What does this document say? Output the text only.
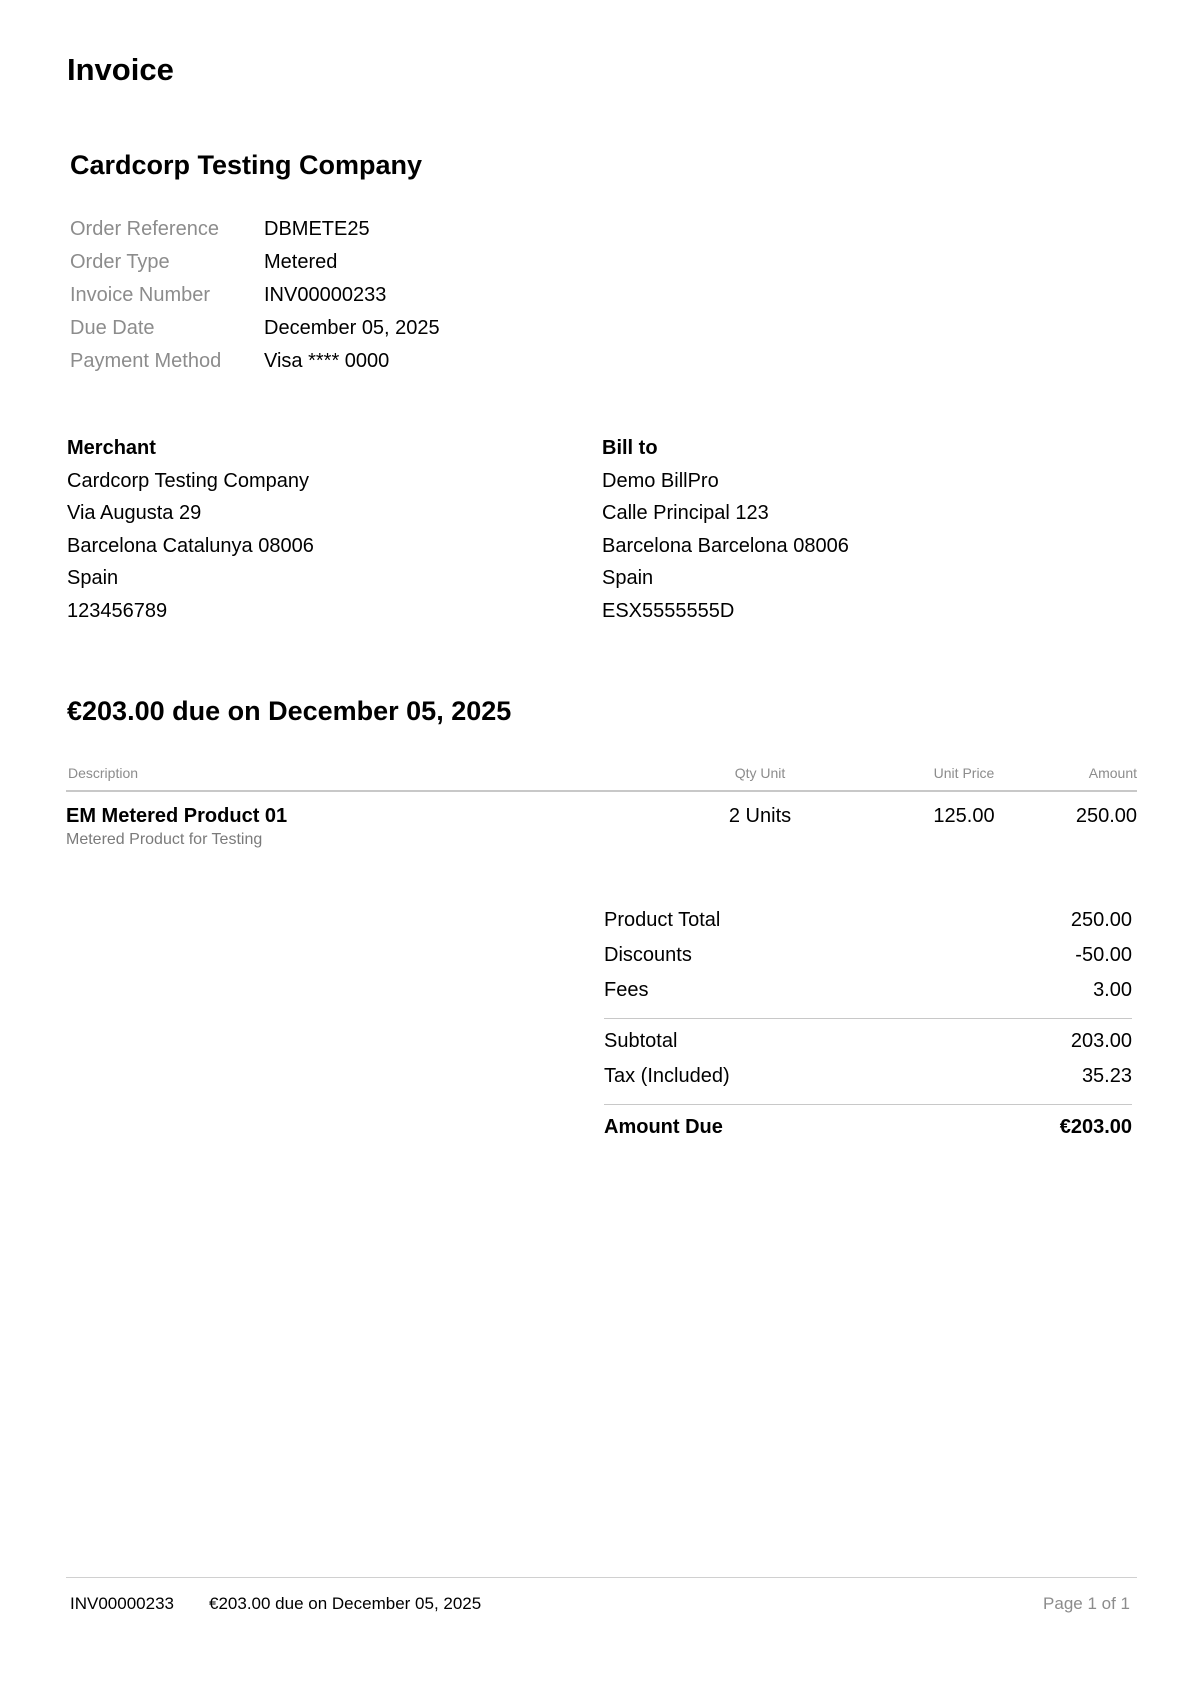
Invoice
Cardcorp Testing Company
Order Reference	DBMETE25
Order Type	Metered
Invoice Number	INV00000233
Due Date	December 05, 2025
Payment Method	Visa **** 0000
Merchant
Cardcorp Testing Company
Via Augusta 29
Barcelona Catalunya 08006
Spain
123456789
Bill to
Demo BillPro
Calle Principal 123
Barcelona Barcelona 08006
Spain
ESX5555555D
€203.00 due on December 05, 2025
Description	Qty Unit	Unit Price	Amount
EM Metered Product 01
Metered Product for Testing
2 Units	125.00	250.00
Product Total	250.00
Discounts	-50.00
Fees	3.00
Subtotal	203.00
Tax (Included)	35.23
Amount Due	€203.00
INV00000233 €203.00 due on December 05, 2025	Page 1 of 1
